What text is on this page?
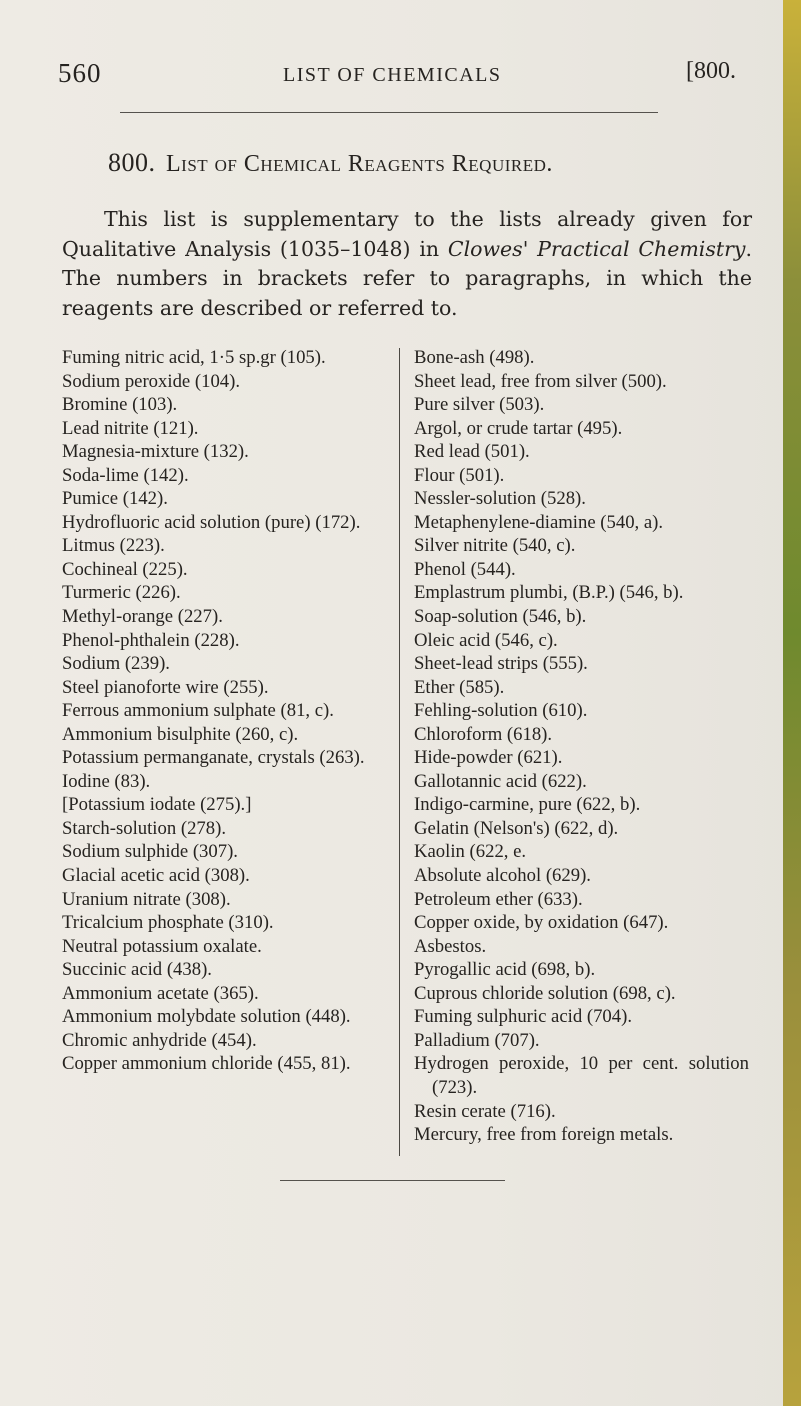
560	LIST OF CHEMICALS	[800.
800. List of Chemical Reagents Required.

This list is supplementary to the lists already given for Qualitative Analysis (1035–1048) in Clowes' Practical Chemistry. The numbers in brackets refer to paragraphs, in which the reagents are described or referred to.

Fuming nitric acid, 1·5 sp.gr (105).
Sodium peroxide (104).
Bromine (103).
Lead nitrite (121).
Magnesia-mixture (132).
Soda-lime (142).
Pumice (142).
Hydrofluoric acid solution (pure) (172).
Litmus (223).
Cochineal (225).
Turmeric (226).
Methyl-orange (227).
Phenol-phthalein (228).
Sodium (239).
Steel pianoforte wire (255).
Ferrous ammonium sulphate (81, c).
Ammonium bisulphite (260, c).
Potassium permanganate, crystals (263).
Iodine (83).
[Potassium iodate (275).]
Starch-solution (278).
Sodium sulphide (307).
Glacial acetic acid (308).
Uranium nitrate (308).
Tricalcium phosphate (310).
Neutral potassium oxalate.
Succinic acid (438).
Ammonium acetate (365).
Ammonium molybdate solution (448).
Chromic anhydride (454).
Copper ammonium chloride (455, 81).
Bone-ash (498).
Sheet lead, free from silver (500).
Pure silver (503).
Argol, or crude tartar (495).
Red lead (501).
Flour (501).
Nessler-solution (528).
Metaphenylene-diamine (540, a).
Silver nitrite (540, c).
Phenol (544).
Emplastrum plumbi, (B.P.) (546, b).
Soap-solution (546, b).
Oleic acid (546, c).
Sheet-lead strips (555).
Ether (585).
Fehling-solution (610).
Chloroform (618).
Hide-powder (621).
Gallotannic acid (622).
Indigo-carmine, pure (622, b).
Gelatin (Nelson's) (622, d).
Kaolin (622, e.
Absolute alcohol (629).
Petroleum ether (633).
Copper oxide, by oxidation (647).
Asbestos.
Pyrogallic acid (698, b).
Cuprous chloride solution (698, c).
Fuming sulphuric acid (704).
Palladium (707).
Hydrogen peroxide, 10 per cent. solution (723).
Resin cerate (716).
Mercury, free from foreign metals.
